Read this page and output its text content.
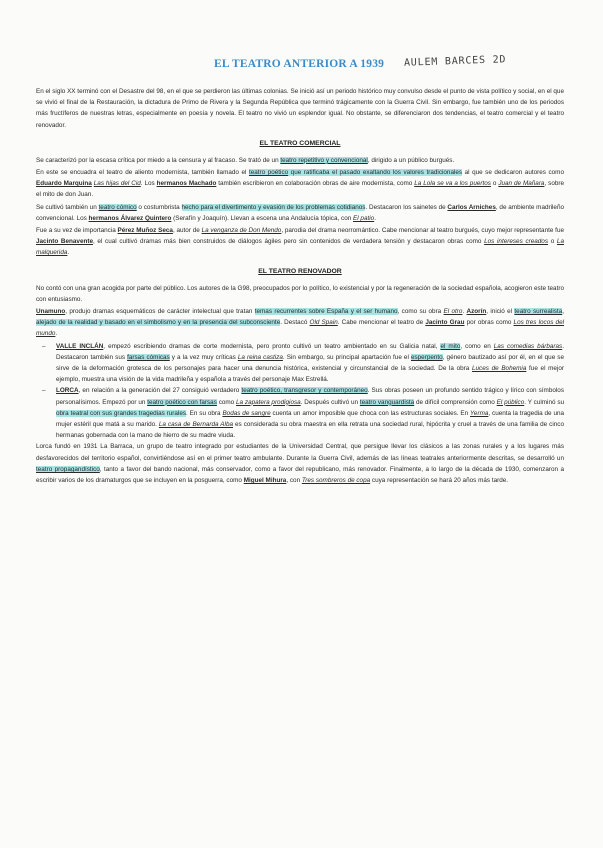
EL TEATRO ANTERIOR A 1939 AULEM BARCES 2D

En el siglo XX terminó con el Desastre del 98, en el que se perdieron las últimas colonias. Se inició así un periodo histórico muy convulso desde el punto de vista político y social, en el que se vivió el final de la Restauración, la dictadura de Primo de Rivera y la Segunda República que terminó trágicamente con la Guerra Civil. Sin embargo, fue también uno de los periodos más fructíferos de nuestras letras, especialmente en poesía y novela. El teatro no vivió un esplendor igual. No obstante, se diferenciaron dos tendencias, el teatro comercial y el teatro renovador.

EL TEATRO COMERCIAL

Se caracterizó por la escasa crítica por miedo a la censura y al fracaso. Se trató de un teatro repetitivo y convencional, dirigido a un público burgués.

En este se encuadra el teatro de aliento modernista, también llamado el teatro poético que ratificaba el pasado exaltando los valores tradicionales al que se dedicaron autores como Eduardo Marquina Las hijas del Cid. Los hermanos Machado también escribieron en colaboración obras de aire modernista, como La Lola se va a los puertos o Juan de Mañara, sobre el mito de don Juan.

Se cultivó también un teatro cómico o costumbrista hecho para el divertimento y evasión de los problemas cotidianos. Destacaron los sainetes de Carlos Arniches, de ambiente madrileño convencional. Los hermanos Álvarez Quintero (Serafín y Joaquín). Llevan a escena una Andalucía tópica, con El patio.

Fue a su vez de importancia Pérez Muñoz Seca, autor de La venganza de Don Mendo, parodia del drama neorromántico. Cabe mencionar al teatro burgués, cuyo mejor representante fue Jacinto Benavente, el cual cultivó dramas más bien construidos de diálogos ágiles pero sin contenidos de verdadera tensión y destacaron obras como Los intereses creados o La malquerida.

EL TEATRO RENOVADOR

No contó con una gran acogida por parte del público. Los autores de la G98, preocupados por lo político, lo existencial y por la regeneración de la sociedad española, acogieron este teatro con entusiasmo.

Unamuno, produjo dramas esquemáticos de carácter intelectual que tratan temas recurrentes sobre España y el ser humano, como su obra El otro. Azorín, inició el teatro surrealista, alejado de la realidad y basado en el simbolismo y en la presencia del subconsciente. Destacó Old Spain. Cabe mencionar el teatro de Jacinto Grau por obras como Los tres locos del mundo.

– VALLE INCLÁN, empezó escribiendo dramas de corte modernista, pero pronto cultivó un teatro ambientado en su Galicia natal, el mito, como en Las comedias bárbaras. Destacaron también sus farsas cómicas y a la vez muy críticas La reina castiza. Sin embargo, su principal apartación fue el esperpento, género bautizado así por él, en el que se sirve de la deformación grotesca de los personajes para hacer una denuncia histórica, existencial y circunstancial de la sociedad. De la obra Luces de Bohemia fue el mejor ejemplo, muestra una visión de la vida madrileña y española a través del personaje Max Estrellá.
– LORCA, en relación a la generación del 27 consiguió verdadero teatro poético, transgresor y contemporáneo. Sus obras poseen un profundo sentido trágico y lírico con símbolos personalísimos. Empezó por un teatro poético con farsas como La zapatera prodigiosa. Después cultivó un teatro vanguardista de difícil comprensión como El público. Y culminó su obra teatral con sus grandes tragedias rurales. En su obra Bodas de sangre cuenta un amor imposible que choca con las estructuras sociales. En Yerma, cuenta la tragedia de una mujer estéril que matá a su marido. La casa de Bernarda Alba es considerada su obra maestra en ella retrata una sociedad rural, hipócrita y cruel a través de una familia de cinco hermanas gobernada con la mano de hierro de su madre viuda.

Lorca fundó en 1931 La Barraca, un grupo de teatro integrado por estudiantes de la Universidad Central, que persigue llevar los clásicos a las zonas rurales y a los lugares más desfavorecidos del territorio español, convirtiéndose así en el primer teatro ambulante. Durante la Guerra Civil, además de las líneas teatrales anteriormente descritas, se desarrolló un teatro propagandístico, tanto a favor del bando nacional, más conservador, como a favor del republicano, más renovador. Finalmente, a lo largo de la década de 1930, comenzaron a escribir varios de los dramaturgos que se incluyen en la posguerra, como Miguel Mihura, con Tres sombreros de copa cuya representación se hará 20 años más tarde.
